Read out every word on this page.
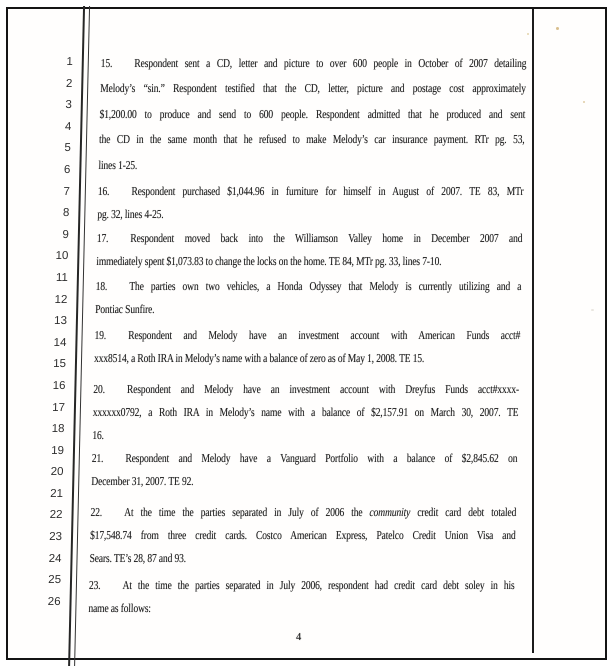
1
2
3
4
5
6
7
8
9
10
11
12
13
14
15
16
17
18
19
20
21
22
23
24
25
26
15. Respondent sent a CD, letter and picture to over 600 people in October of 2007 detailing
Melody’s “sin.” Respondent testified that the CD, letter, picture and postage cost approximately
$1,200.00 to produce and send to 600 people. Respondent admitted that he produced and sent
the CD in the same month that he refused to make Melody’s car insurance payment. RTr pg. 53,
lines 1-25.
16. Respondent purchased $1,044.96 in furniture for himself in August of 2007. TE 83, MTr
pg. 32, lines 4-25.
17. Respondent moved back into the Williamson Valley home in December 2007 and
immediately spent $1,073.83 to change the locks on the home. TE 84, MTr pg. 33, lines 7-10.
18. The parties own two vehicles, a Honda Odyssey that Melody is currently utilizing and a
Pontiac Sunfire.
19. Respondent and Melody have an investment account with American Funds acct#
xxx8514, a Roth IRA in Melody’s name with a balance of zero as of May 1, 2008. TE 15.
20. Respondent and Melody have an investment account with Dreyfus Funds acct#xxxx-
xxxxxx0792, a Roth IRA in Melody’s name with a balance of $2,157.91 on March 30, 2007. TE
16.
21. Respondent and Melody have a Vanguard Portfolio with a balance of $2,845.62 on
December 31, 2007. TE 92.
22. At the time the parties separated in July of 2006 the community credit card debt totaled
$17,548.74 from three credit cards. Costco American Express, Patelco Credit Union Visa and
Sears. TE’s 28, 87 and 93.
23. At the time the parties separated in July 2006, respondent had credit card debt soley in his
name as follows:
4
